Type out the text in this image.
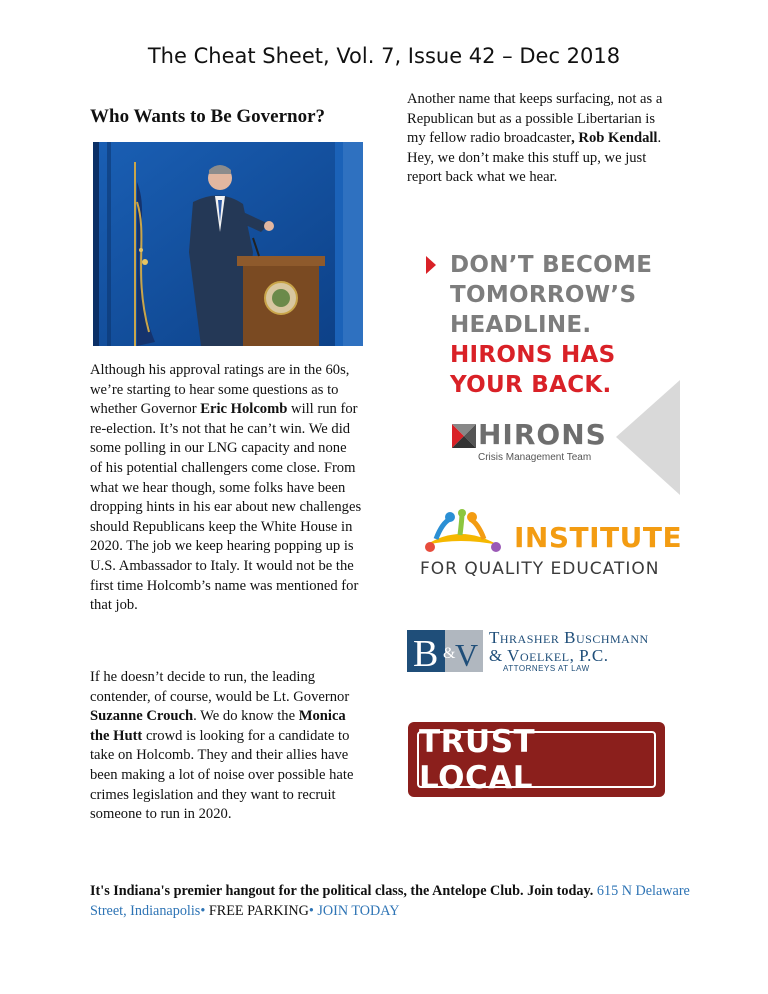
The Cheat Sheet, Vol. 7, Issue 42 – Dec 2018
Who Wants to Be Governor?

Although his approval ratings are in the 60s, we’re starting to hear some questions as to whether Governor Eric Holcomb will run for re-election. It’s not that he can’t win. We did some polling in our LNG capacity and none of his potential challengers come close. From what we hear though, some folks have been dropping hints in his ear about new challenges should Republicans keep the White House in 2020. The job we keep hearing popping up is U.S. Ambassador to Italy. It would not be the first time Holcomb’s name was mentioned for that job.

If he doesn’t decide to run, the leading contender, of course, would be Lt. Governor Suzanne Crouch. We do know the Monica the Hutt crowd is looking for a candidate to take on Holcomb. They and their allies have been making a lot of noise over possible hate crimes legislation and they want to recruit someone to run in 2020.

Another name that keeps surfacing, not as a Republican but as a possible Libertarian is my fellow radio broadcaster, Rob Kendall. Hey, we don’t make this stuff up, we just report back what we hear.

DON’T BECOME
TOMORROW’S
HEADLINE.
HIRONS HAS
YOUR BACK.
HIRONS
Crisis Management Team
INSTITUTE
FOR QUALITY EDUCATION
B & V Thrasher Buschmann
& Voelkel, P.C.
ATTORNEYS AT LAW
TRUST LOCAL
It's Indiana's premier hangout for the political class, the Antelope Club. Join today. 615 N Delaware Street, Indianapolis• FREE PARKING• JOIN TODAY
